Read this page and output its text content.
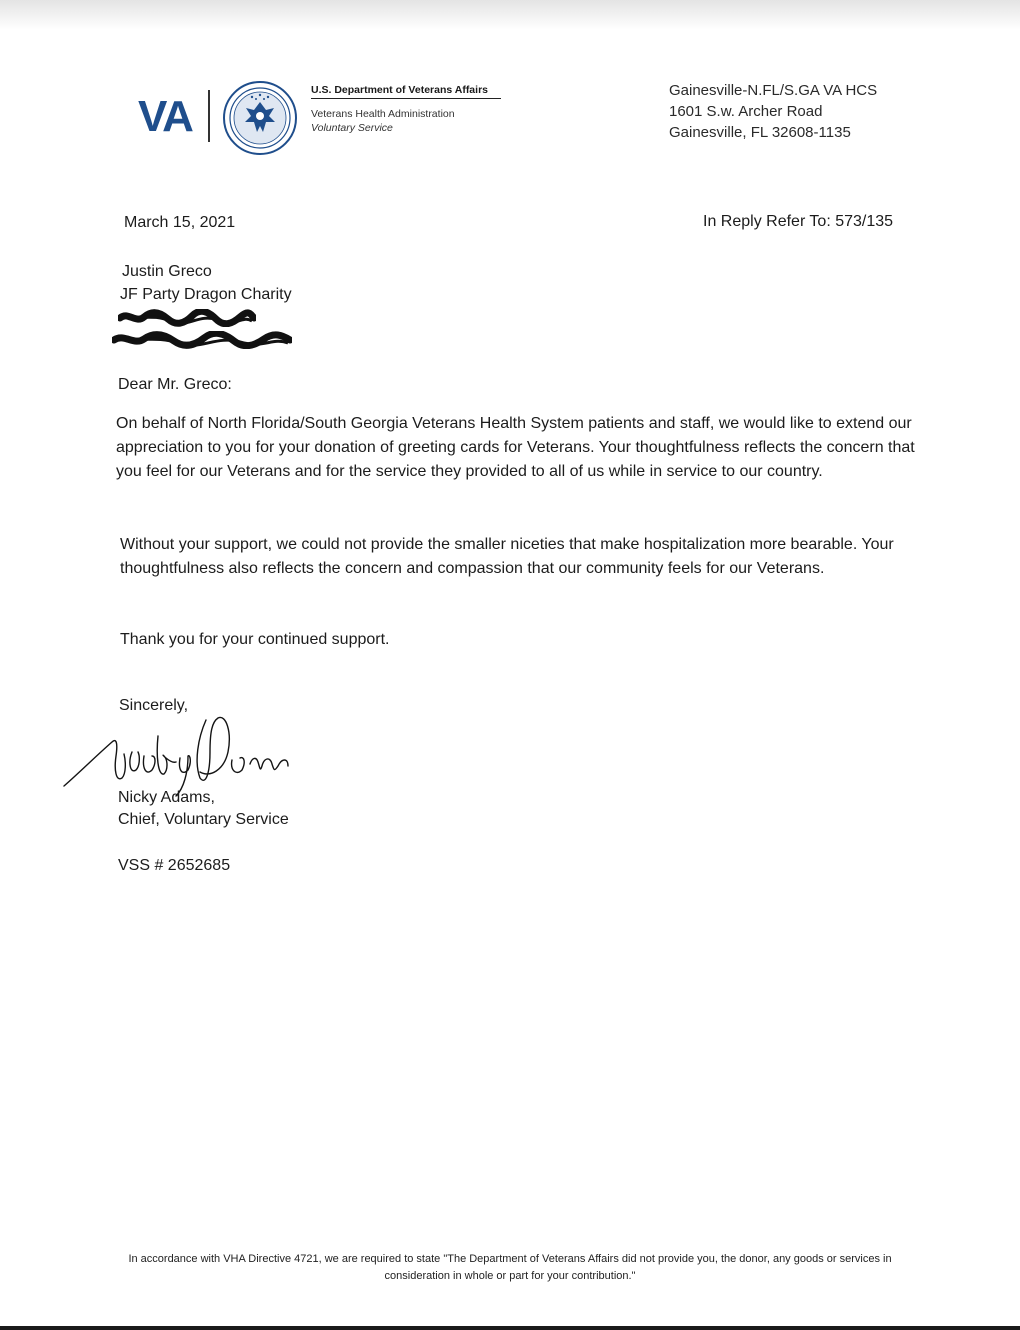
VA
U.S. Department of Veterans Affairs
Veterans Health Administration
Voluntary Service
Gainesville-N.FL/S.GA VA HCS
1601 S.w. Archer Road
Gainesville, FL 32608-1135
March 15, 2021	In Reply Refer To: 573/135
Justin Greco
JF Party Dragon Charity
Dear Mr. Greco:
On behalf of North Florida/South Georgia Veterans Health System patients and staff, we would like to extend our appreciation to you for your donation of greeting cards for Veterans. Your thoughtfulness reflects the concern that you feel for our Veterans and for the service they provided to all of us while in service to our country.
Without your support, we could not provide the smaller niceties that make hospitalization more bearable. Your thoughtfulness also reflects the concern and compassion that our community feels for our Veterans.
Thank you for your continued support.
Sincerely,
Nicky Adams,
Chief, Voluntary Service
VSS # 2652685
In accordance with VHA Directive 4721, we are required to state "The Department of Veterans Affairs did not provide you, the donor, any goods or services in consideration in whole or part for your contribution."
